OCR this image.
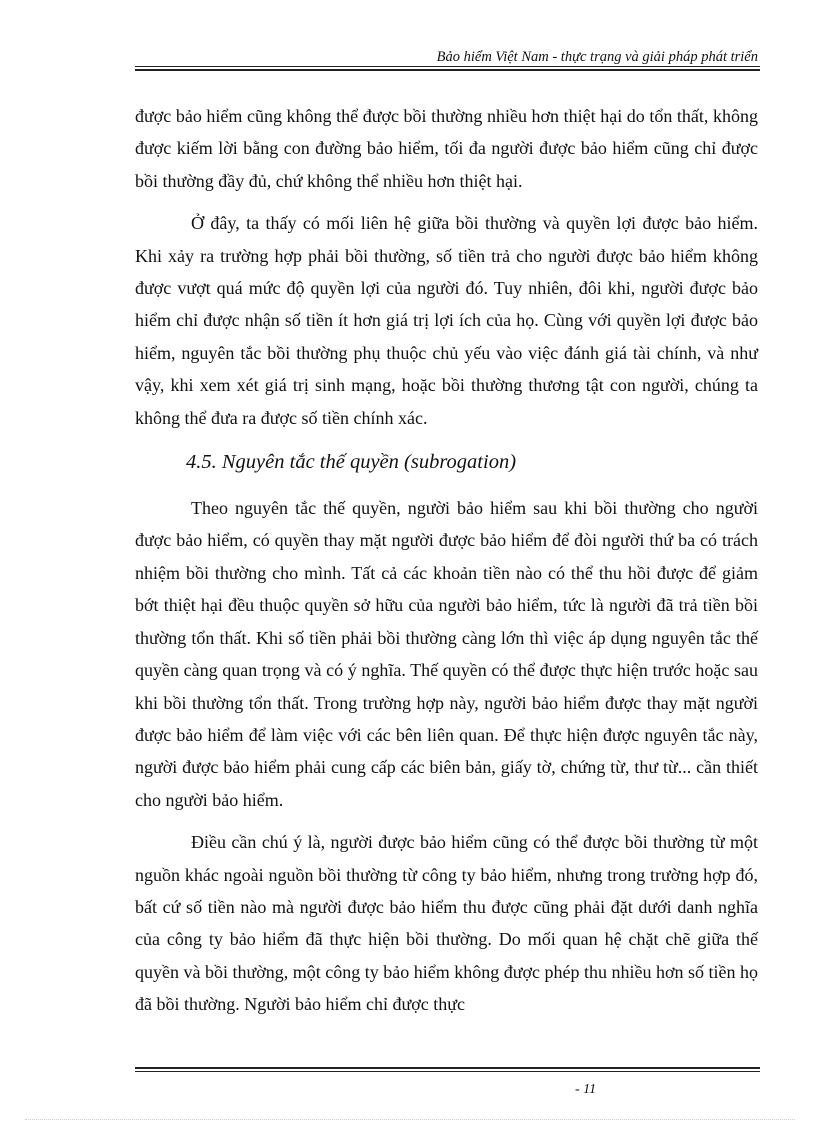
Bảo hiểm Việt Nam - thực trạng và giải pháp phát triển

được bảo hiểm cũng không thể được bồi thường nhiều hơn thiệt hại do tổn thất, không được kiếm lời bằng con đường bảo hiểm, tối đa người được bảo hiểm cũng chỉ được bồi thường đầy đủ, chứ không thể nhiều hơn thiệt hại.

Ở đây, ta thấy có mối liên hệ giữa bồi thường và quyền lợi được bảo hiểm. Khi xảy ra trường hợp phải bồi thường, số tiền trả cho người được bảo hiểm không được vượt quá mức độ quyền lợi của người đó. Tuy nhiên, đôi khi, người được bảo hiểm chỉ được nhận số tiền ít hơn giá trị lợi ích của họ. Cùng với quyền lợi được bảo hiểm, nguyên tắc bồi thường phụ thuộc chủ yếu vào việc đánh giá tài chính, và như vậy, khi xem xét giá trị sinh mạng, hoặc bồi thường thương tật con người, chúng ta không thể đưa ra được số tiền chính xác.

4.5. Nguyên tắc thế quyền (subrogation)

Theo nguyên tắc thế quyền, người bảo hiểm sau khi bồi thường cho người được bảo hiểm, có quyền thay mặt người được bảo hiểm để đòi người thứ ba có trách nhiệm bồi thường cho mình. Tất cả các khoản tiền nào có thể thu hồi được để giảm bớt thiệt hại đều thuộc quyền sở hữu của người bảo hiểm, tức là người đã trả tiền bồi thường tổn thất. Khi số tiền phải bồi thường càng lớn thì việc áp dụng nguyên tắc thế quyền càng quan trọng và có ý nghĩa. Thế quyền có thể được thực hiện trước hoặc sau khi bồi thường tổn thất. Trong trường hợp này, người bảo hiểm được thay mặt người được bảo hiểm để làm việc với các bên liên quan. Để thực hiện được nguyên tắc này, người được bảo hiểm phải cung cấp các biên bản, giấy tờ, chứng từ, thư từ... cần thiết cho người bảo hiểm.

Điều cần chú ý là, người được bảo hiểm cũng có thể được bồi thường từ một nguồn khác ngoài nguồn bồi thường từ công ty bảo hiểm, nhưng trong trường hợp đó, bất cứ số tiền nào mà người được bảo hiểm thu được cũng phải đặt dưới danh nghĩa của công ty bảo hiểm đã thực hiện bồi thường. Do mối quan hệ chặt chẽ giữa thế quyền và bồi thường, một công ty bảo hiểm không được phép thu nhiều hơn số tiền họ đã bồi thường. Người bảo hiểm chỉ được thực

- 11
